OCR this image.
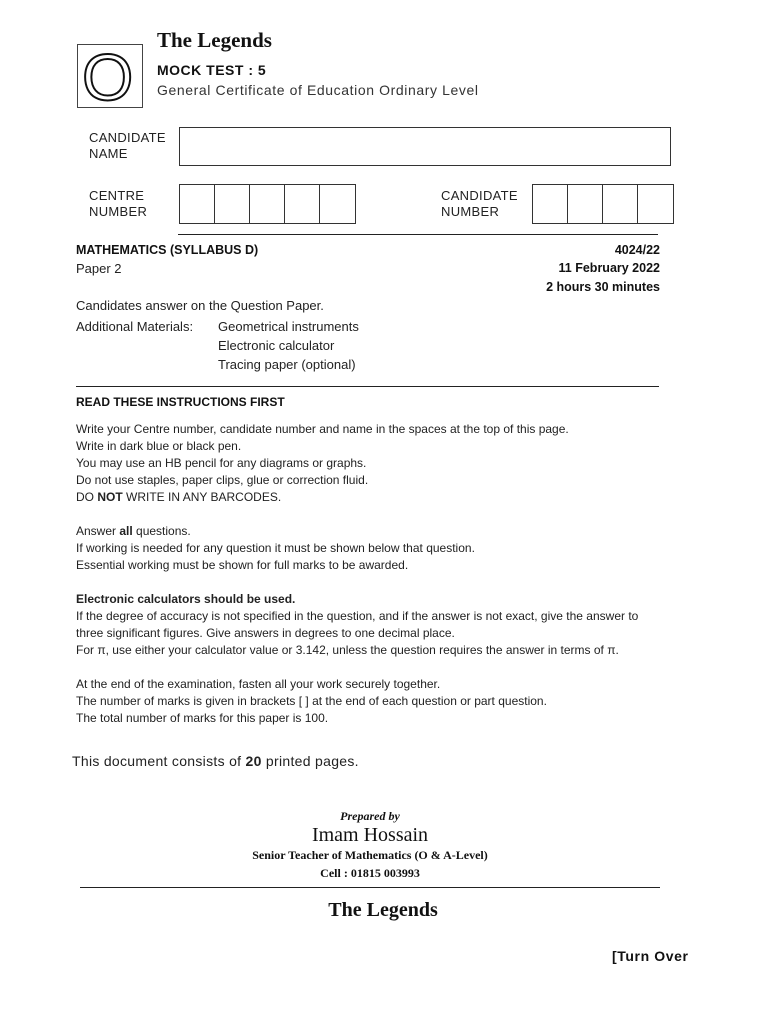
O The Legends
MOCK TEST : 5
General Certificate of Education Ordinary Level
CANDIDATE
NAME
CENTRE
NUMBER
CANDIDATE
NUMBER
MATHEMATICS (SYLLABUS D)	4024/22
Paper 2	11 February 2022
2 hours 30 minutes
Candidates answer on the Question Paper.
Additional Materials: Geometrical instruments
Electronic calculator
Tracing paper (optional)
READ THESE INSTRUCTIONS FIRST

Write your Centre number, candidate number and name in the spaces at the top of this page.

Write in dark blue or black pen.

You may use an HB pencil for any diagrams or graphs.

Do not use staples, paper clips, glue or correction fluid.

DO NOT WRITE IN ANY BARCODES.

Answer all questions.

If working is needed for any question it must be shown below that question.

Essential working must be shown for full marks to be awarded.

Electronic calculators should be used.

If the degree of accuracy is not specified in the question, and if the answer is not exact, give the answer to

three significant figures. Give answers in degrees to one decimal place.

For π, use either your calculator value or 3.142, unless the question requires the answer in terms of π.

At the end of the examination, fasten all your work securely together.

The number of marks is given in brackets [ ] at the end of each question or part question.

The total number of marks for this paper is 100.

This document consists of 20 printed pages.
Prepared by
Imam Hossain
Senior Teacher of Mathematics (O & A-Level)
Cell : 01815 003993
The Legends
[Turn Over
